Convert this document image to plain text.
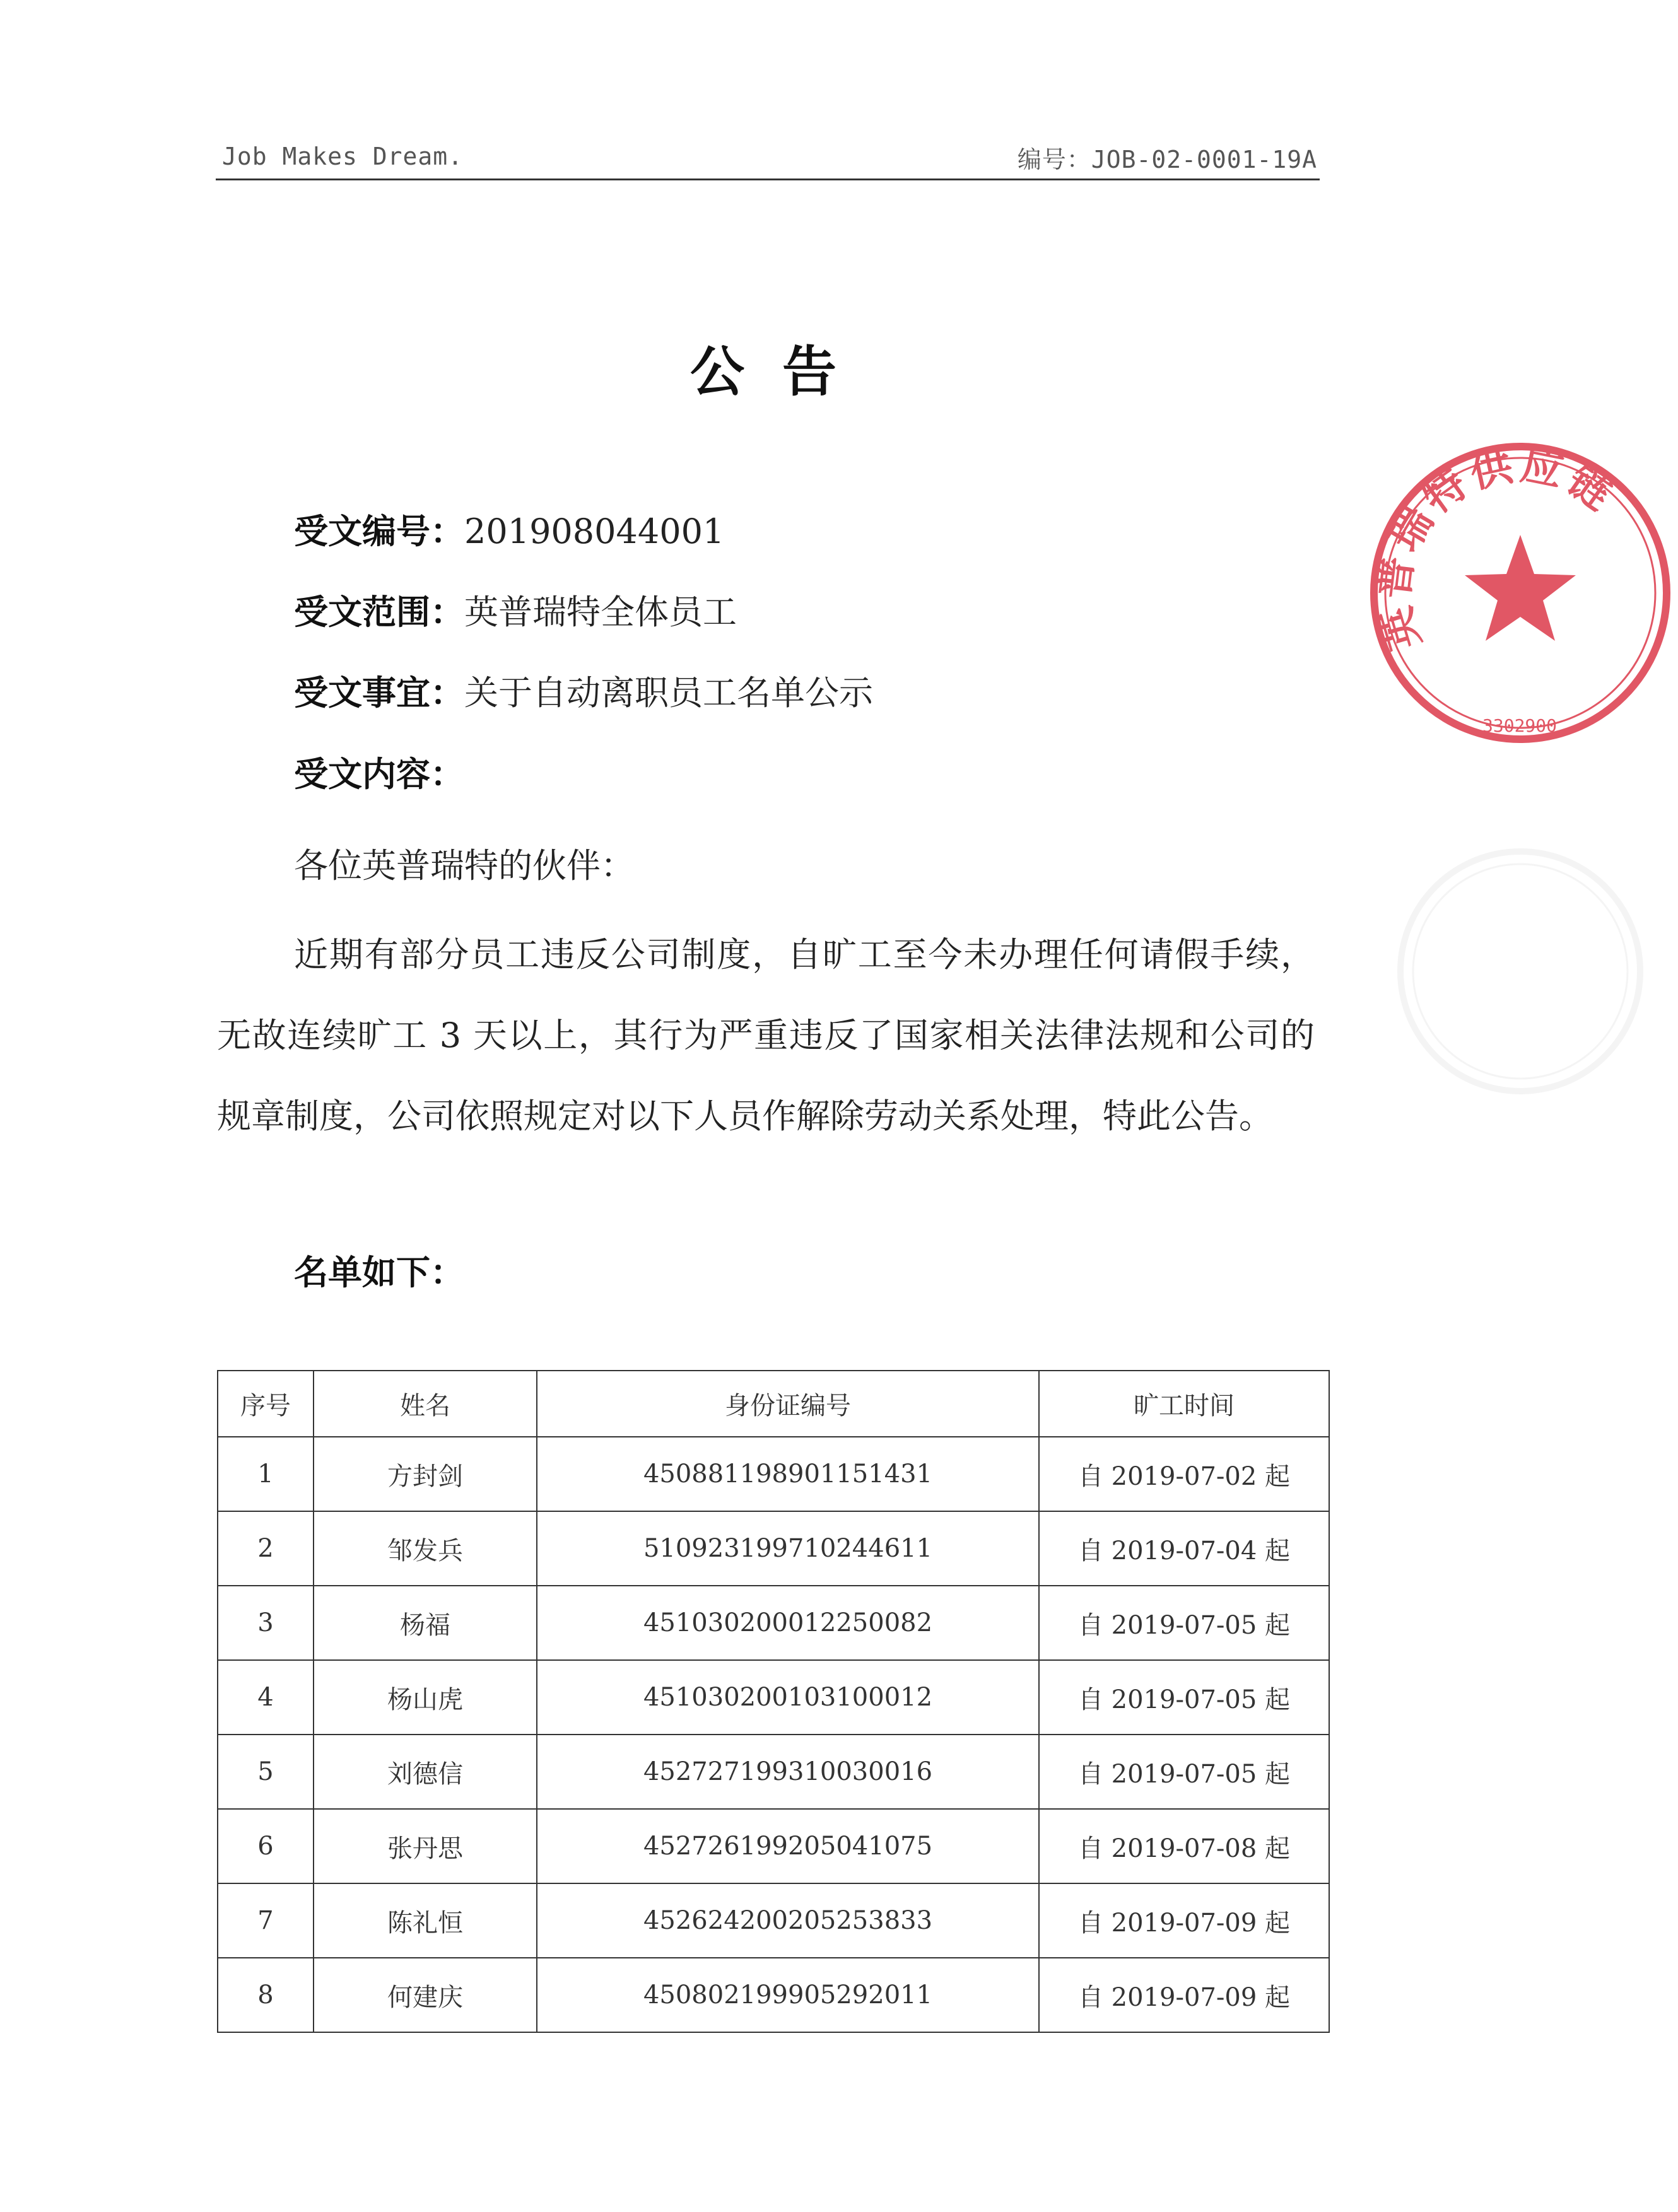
Job Makes Dream.	编号：JOB-02-0001-19A
公告
受文编号：201908044001
受文范围：英普瑞特全体员工
受文事宜：关于自动离职员工名单公示
受文内容：
各位英普瑞特的伙伴：
近期有部分员工违反公司制度，自旷工至今未办理任何请假手续，无故连续旷工 3 天以上，其行为严重违反了国家相关法律法规和公司的规章制度，公司依照规定对以下人员作解除劳动关系处理，特此公告。
名单如下：
序号	姓名	身份证编号	旷工时间
1	方封剑	450881198901151431	自 2019-07-02 起
2	邹发兵	510923199710244611	自 2019-07-04 起
3	杨福	451030200012250082	自 2019-07-05 起
4	杨山虎	451030200103100012	自 2019-07-05 起
5	刘德信	452727199310030016	自 2019-07-05 起
6	张丹思	452726199205041075	自 2019-07-08 起
7	陈礼恒	452624200205253833	自 2019-07-09 起
8	何建庆	450802199905292011	自 2019-07-09 起
英普瑞特供应链
3302900
